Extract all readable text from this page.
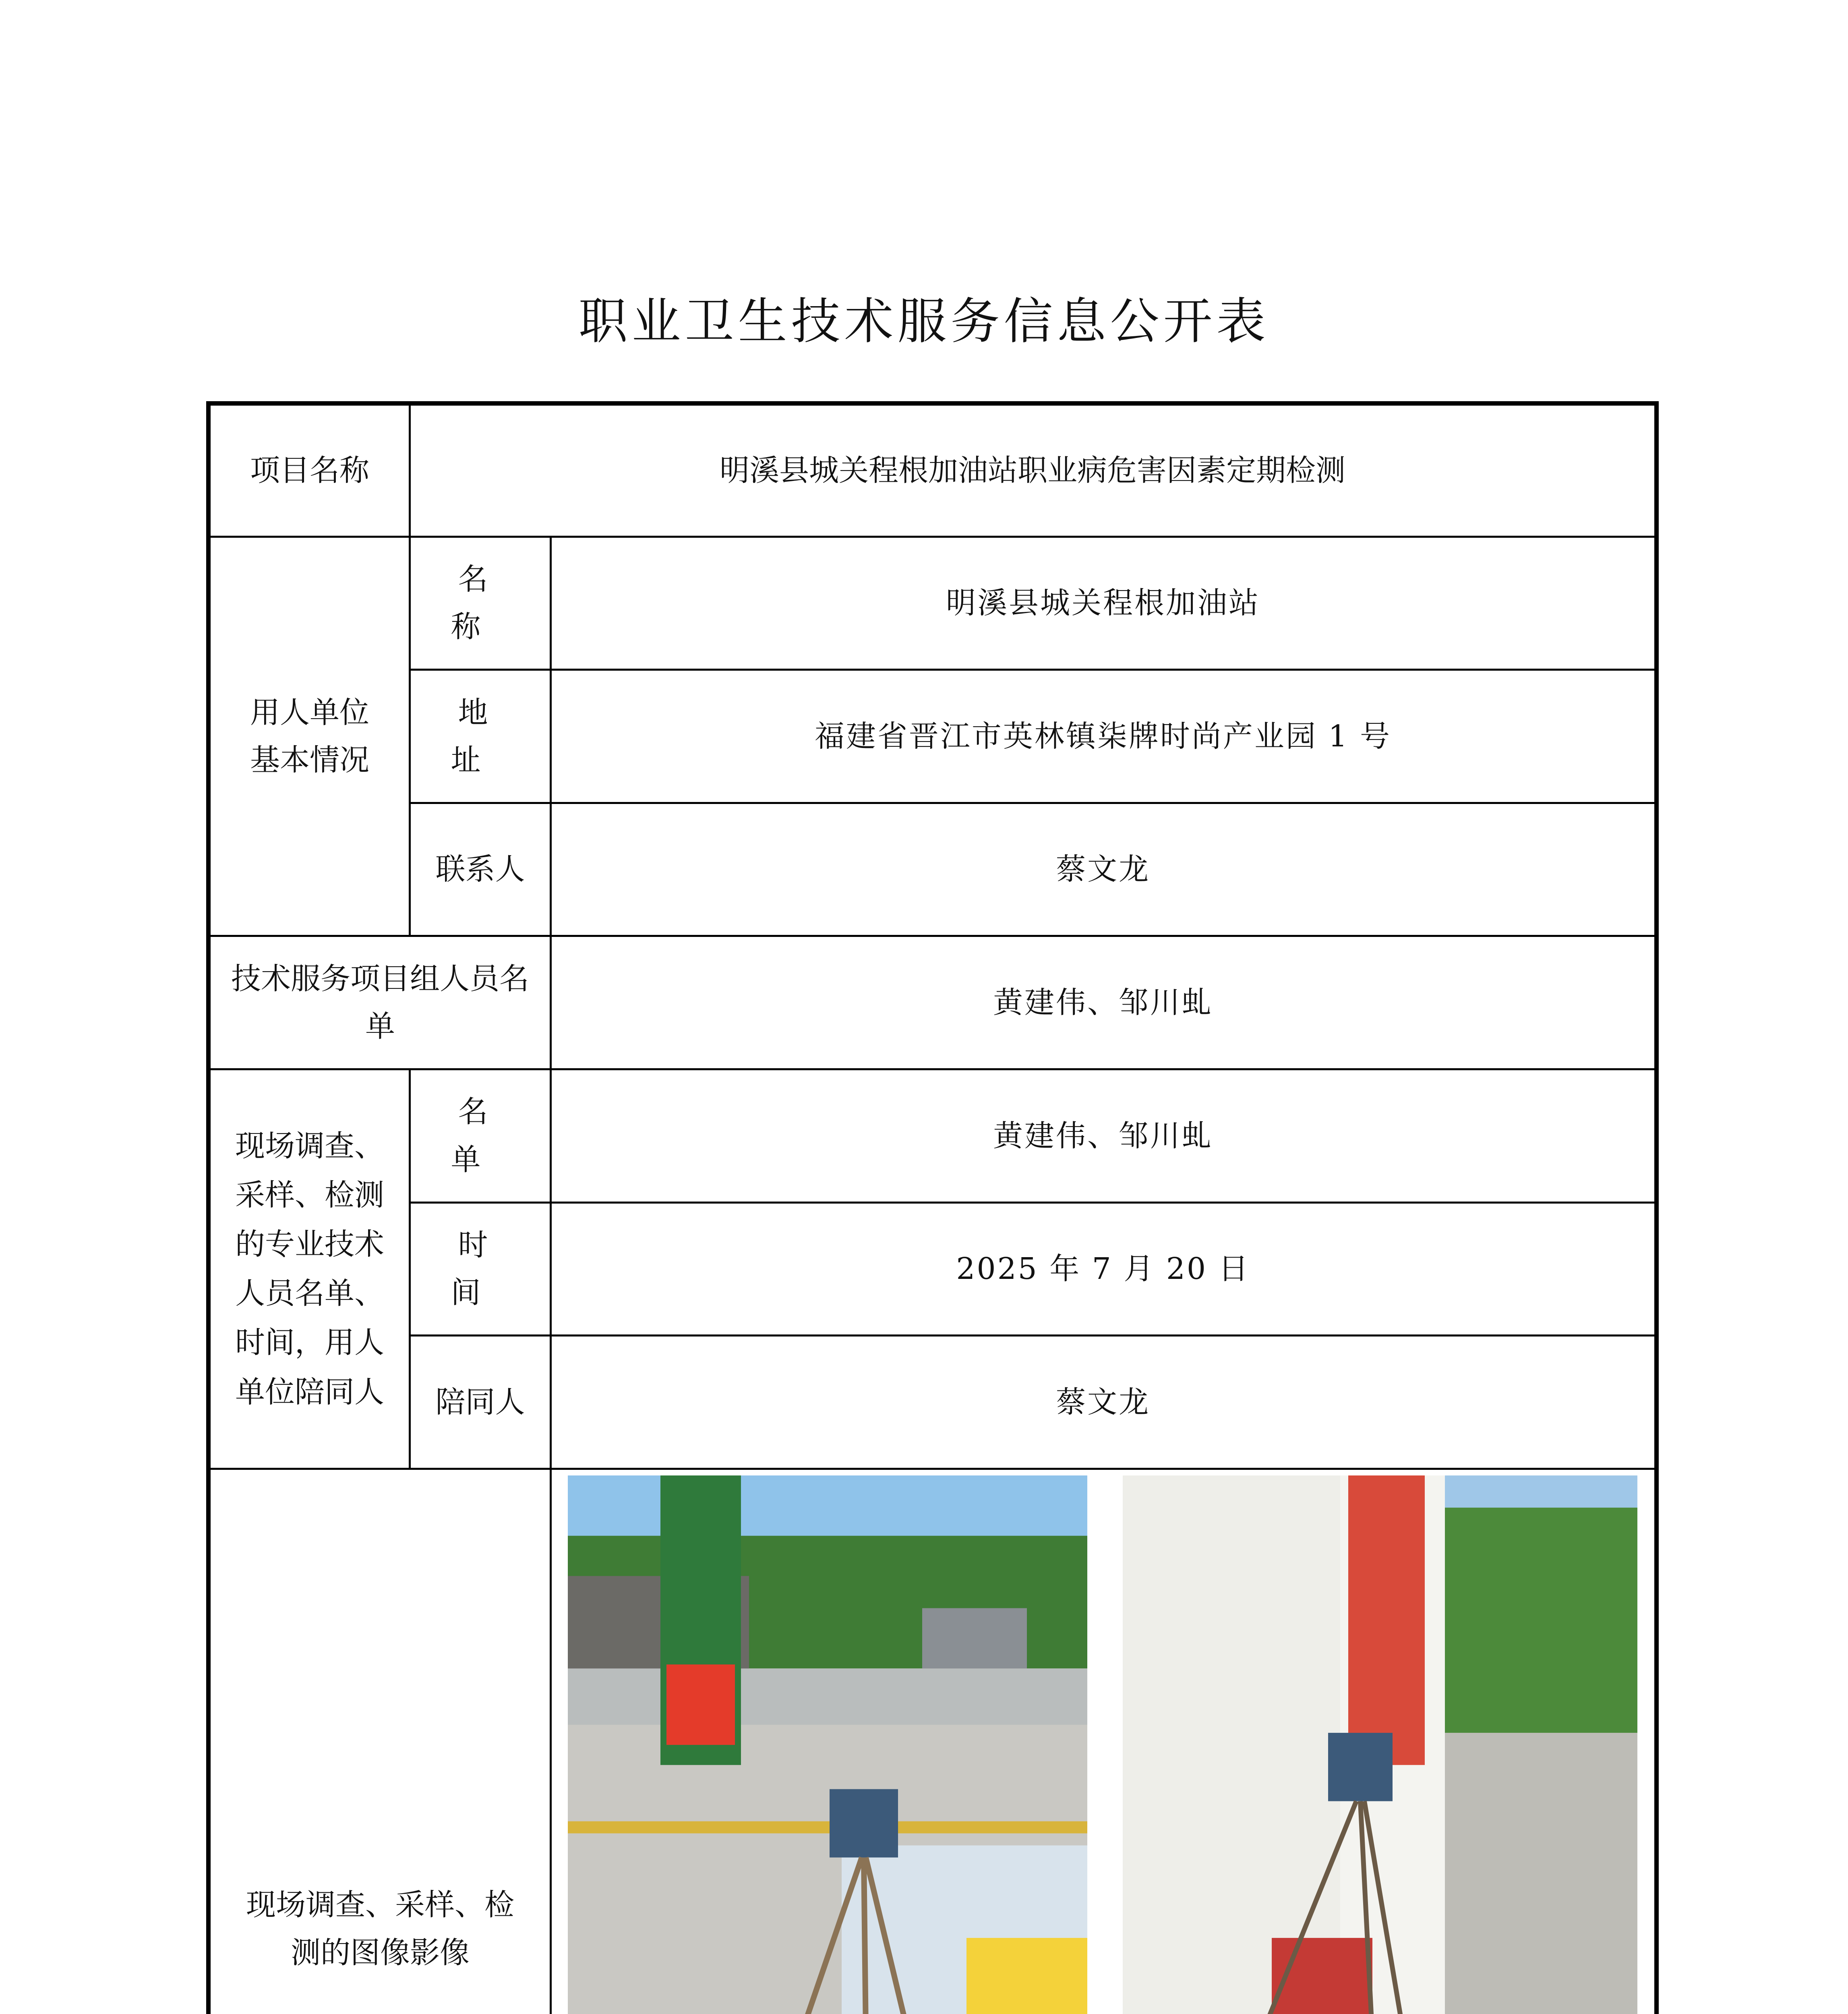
职业卫生技术服务信息公开表
项目名称	明溪县城关程根加油站职业病危害因素定期检测	
用人单位
基本情况	名 称	明溪县城关程根加油站
	地 址	福建省晋江市英林镇柒牌时尚产业园 1 号
	联系人	蔡文龙
技术服务项目组人员名单		黄建伟、邹川虬
现场调查、采样、检测的专业技术人员名单、时间，用人单位陪同人	名 单	黄建伟、邹川虬
	时 间	2025 年 7 月 20 日
	陪同人	蔡文龙
现场调查、采样、检测的图像影像	
